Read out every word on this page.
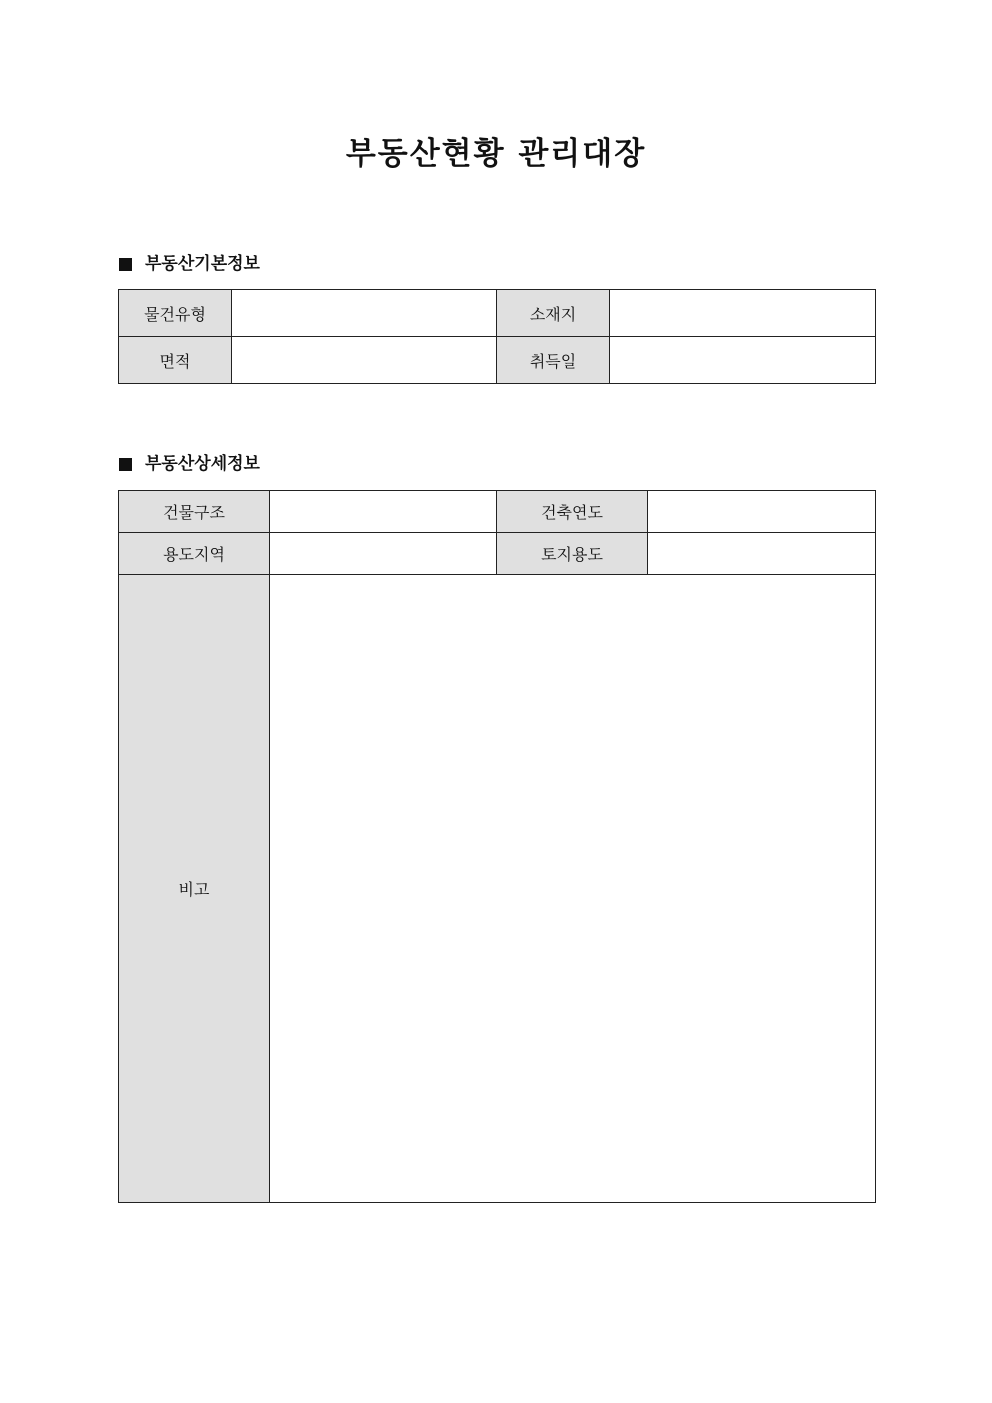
부동산현황 관리대장
부동산기본정보
물건유형		소재지	
면적		취득일	
부동산상세정보
건물구조		건축연도	
용도지역		토지용도	
비고			
